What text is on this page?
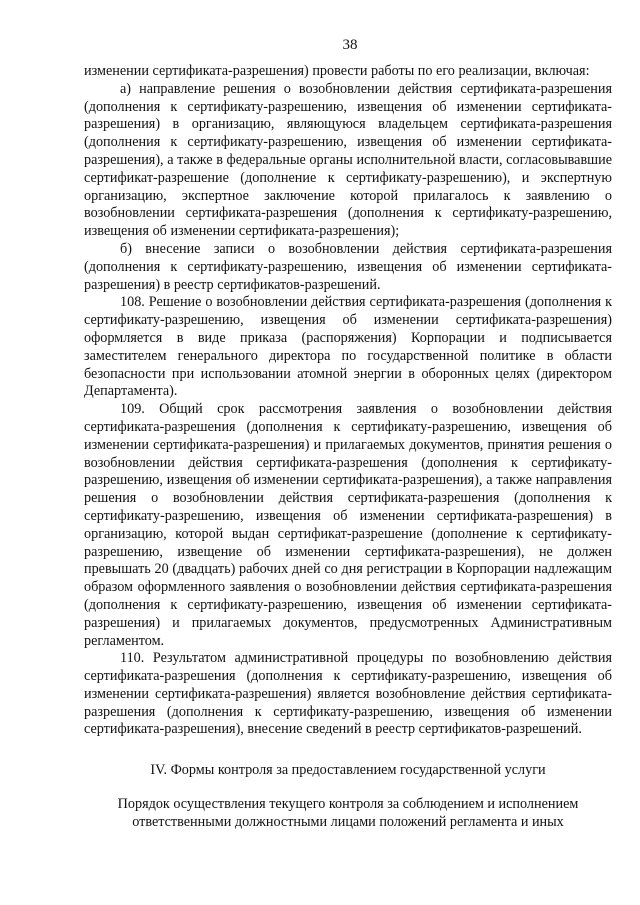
38

изменении сертификата-разрешения) провести работы по его реализации, включая:

а) направление решения о возобновлении действия сертификата-разрешения (дополнения к сертификату-разрешению, извещения об изменении сертификата-разрешения) в организацию, являющуюся владельцем сертификата-разрешения (дополнения к сертификату-разрешению, извещения об изменении сертификата-разрешения), а также в федеральные органы исполнительной власти, согласовывавшие сертификат-разрешение (дополнение к сертификату-разрешению), и экспертную организацию, экспертное заключение которой прилагалось к заявлению о возобновлении сертификата-разрешения (дополнения к сертификату-разрешению, извещения об изменении сертификата-разрешения);

б) внесение записи о возобновлении действия сертификата-разрешения (дополнения к сертификату-разрешению, извещения об изменении сертификата-разрешения) в реестр сертификатов-разрешений.

108. Решение о возобновлении действия сертификата-разрешения (дополнения к сертификату-разрешению, извещения об изменении сертификата-разрешения) оформляется в виде приказа (распоряжения) Корпорации и подписывается заместителем генерального директора по государственной политике в области безопасности при использовании атомной энергии в оборонных целях (директором Департамента).

109. Общий срок рассмотрения заявления о возобновлении действия сертификата-разрешения (дополнения к сертификату-разрешению, извещения об изменении сертификата-разрешения) и прилагаемых документов, принятия решения о возобновлении действия сертификата-разрешения (дополнения к сертификату-разрешению, извещения об изменении сертификата-разрешения), а также направления решения о возобновлении действия сертификата-разрешения (дополнения к сертификату-разрешению, извещения об изменении сертификата-разрешения) в организацию, которой выдан сертификат-разрешение (дополнение к сертификату-разрешению, извещение об изменении сертификата-разрешения), не должен превышать 20 (двадцать) рабочих дней со дня регистрации в Корпорации надлежащим образом оформленного заявления о возобновлении действия сертификата-разрешения (дополнения к сертификату-разрешению, извещения об изменении сертификата-разрешения) и прилагаемых документов, предусмотренных Административным регламентом.

110. Результатом административной процедуры по возобновлению действия сертификата-разрешения (дополнения к сертификату-разрешению, извещения об изменении сертификата-разрешения) является возобновление действия сертификата-разрешения (дополнения к сертификату-разрешению, извещения об изменении сертификата-разрешения), внесение сведений в реестр сертификатов-разрешений.

IV. Формы контроля за предоставлением государственной услуги
Порядок осуществления текущего контроля за соблюдением и исполнением ответственными должностными лицами положений регламента и иных
